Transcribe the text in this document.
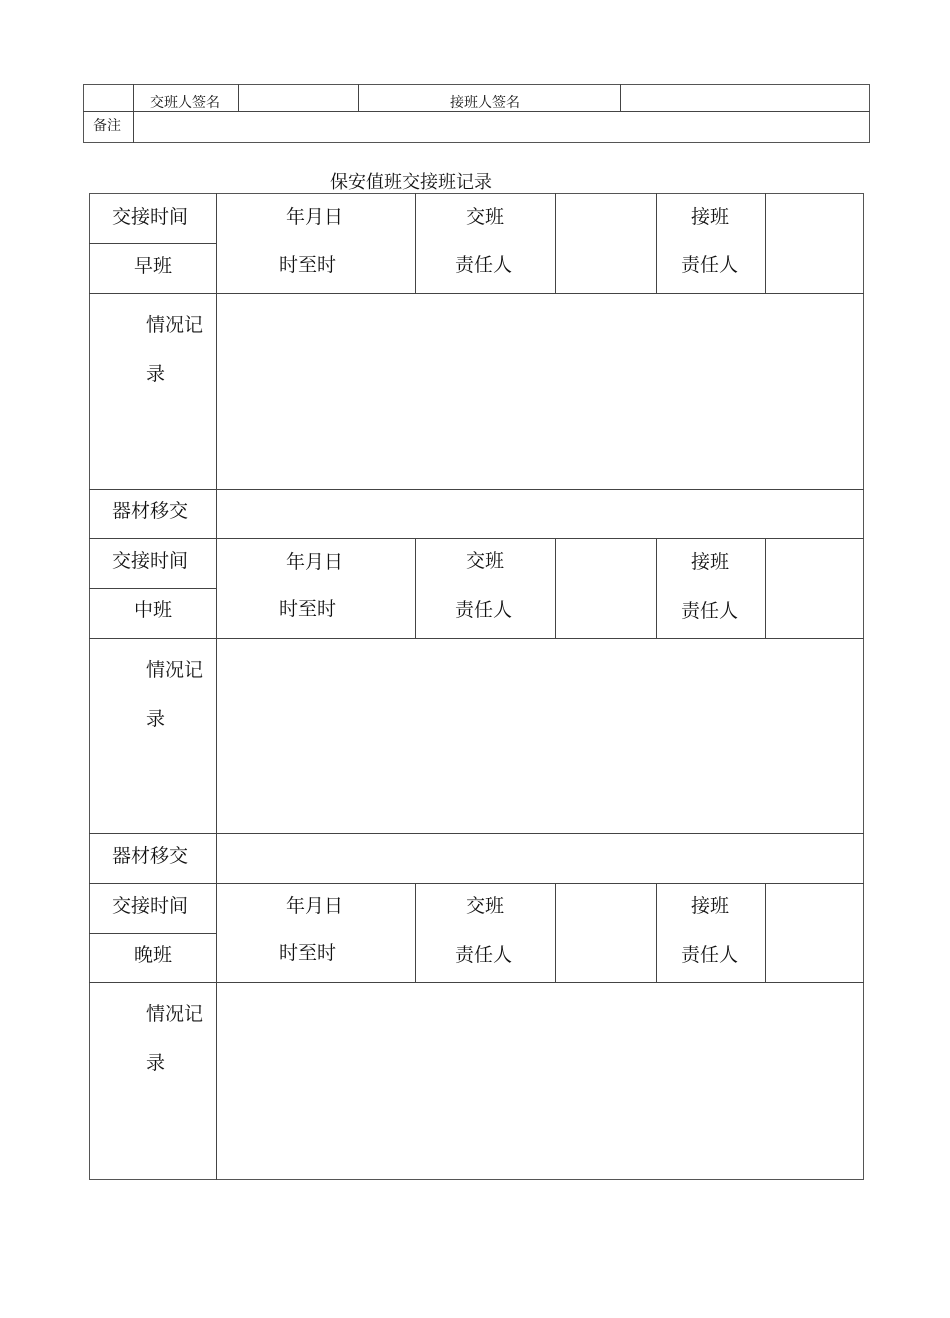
交班人签名	接班人签名
备注
保安值班交接班记录
交接时间
早班
年月日
时至时
交班
责任人
接班
责任人
情况记
录
器材移交
交接时间
中班
年月日
时至时
交班
责任人
接班
责任人
情况记
录
器材移交
交接时间
晚班
年月日
时至时
交班
责任人
接班
责任人
情况记
录
